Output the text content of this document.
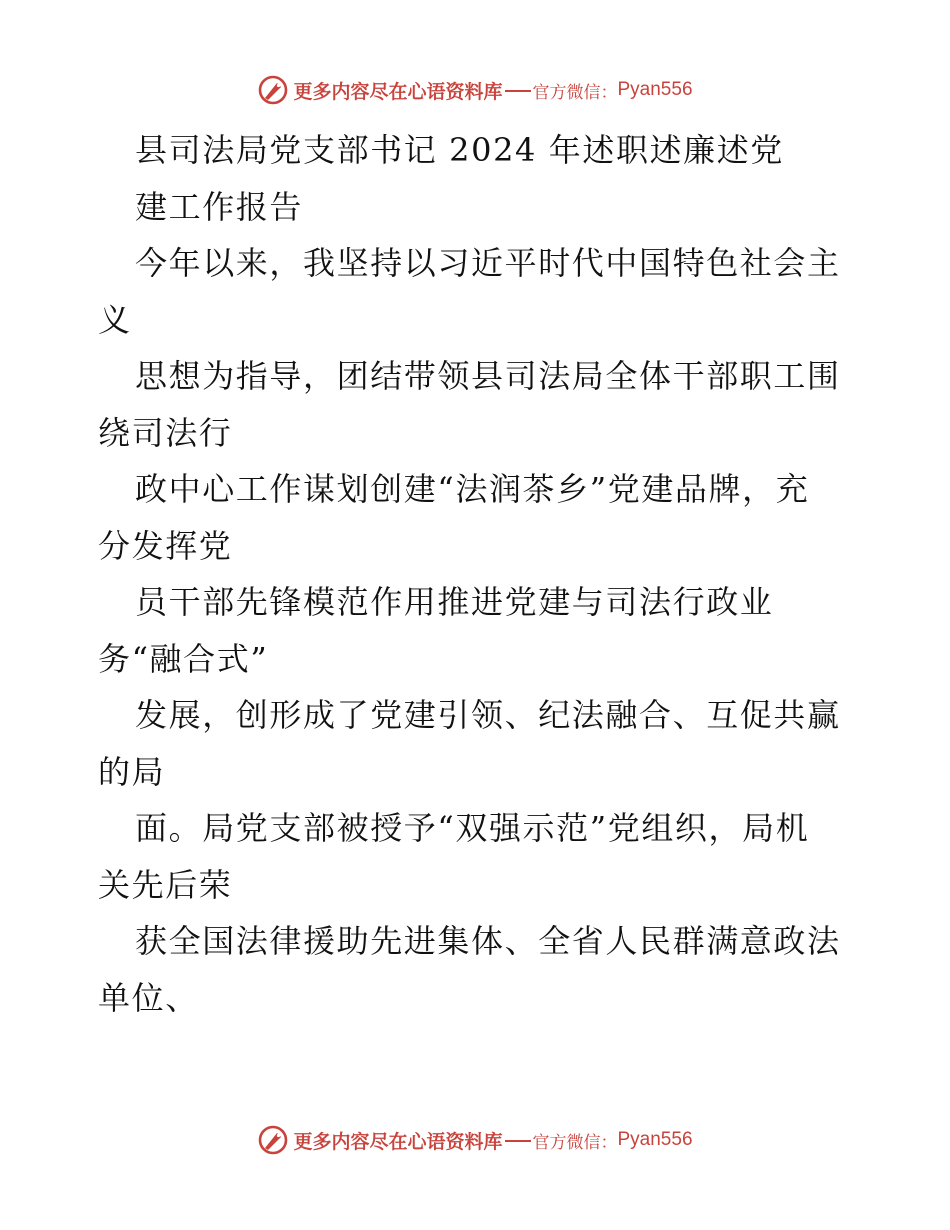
更多内容尽在心语资料库 官方微信： Pyan556
县司法局党支部书记 2024 年述职述廉述党
建工作报告
今年以来，我坚持以习近平时代中国特色社会主
义
思想为指导，团结带领县司法局全体干部职工围
绕司法行
政中心工作谋划创建“法润茶乡”党建品牌，充
分发挥党
员干部先锋模范作用推进党建与司法行政业
务“融合式”
发展，创形成了党建引领、纪法融合、互促共赢
的局
面。局党支部被授予“双强示范”党组织，局机
关先后荣
获全国法律援助先进集体、全省人民群满意政法
单位、
更多内容尽在心语资料库 官方微信： Pyan556
